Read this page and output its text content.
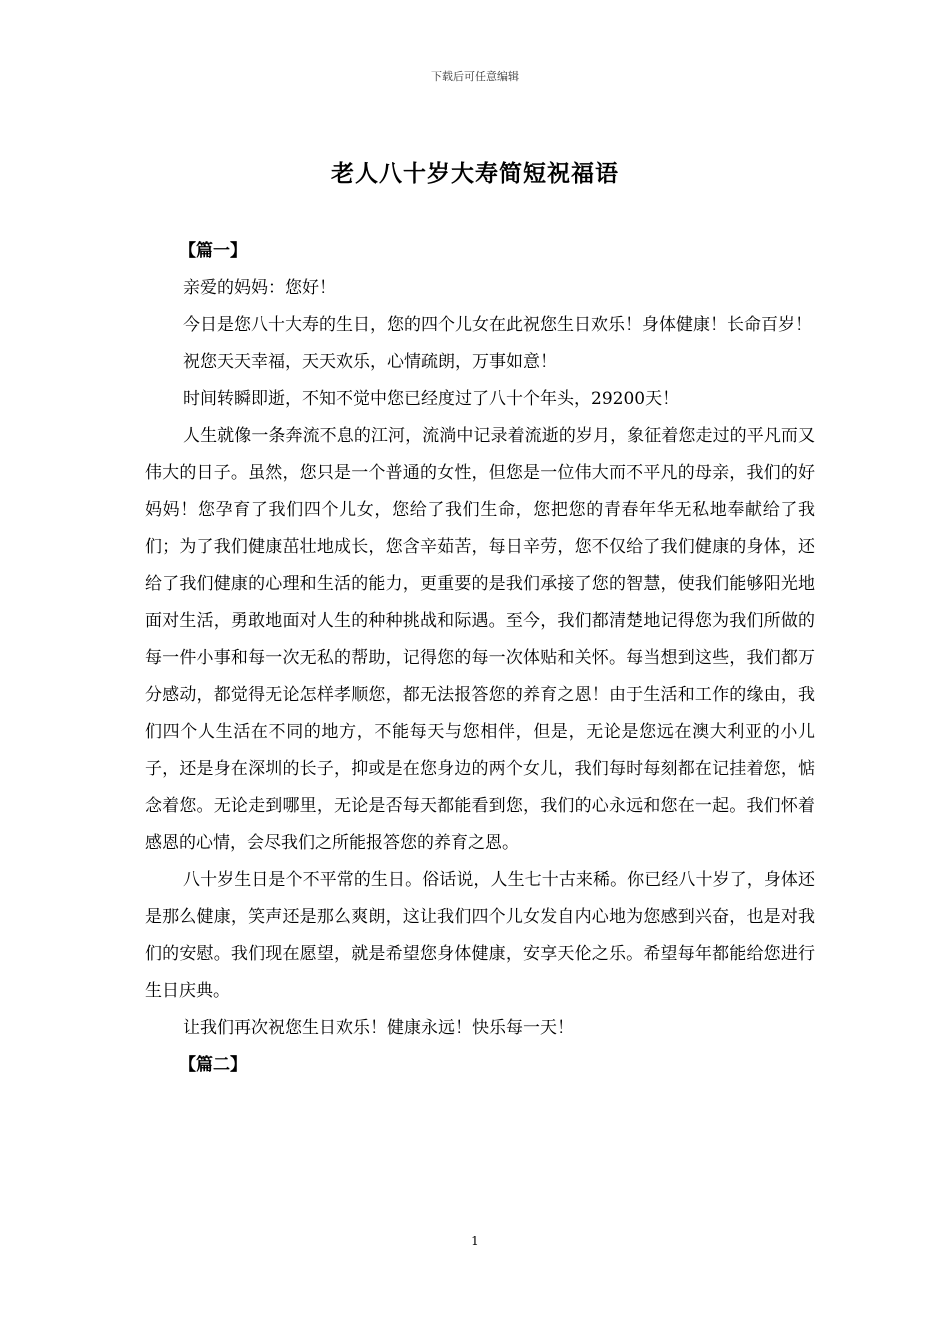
下载后可任意编辑
老人八十岁大寿简短祝福语

【篇一】

亲爱的妈妈：您好！

今日是您八十大寿的生日，您的四个儿女在此祝您生日欢乐！身体健康！长命百岁！

祝您天天幸福，天天欢乐，心情疏朗，万事如意！

时间转瞬即逝，不知不觉中您已经度过了八十个年头，29200天！

人生就像一条奔流不息的江河，流淌中记录着流逝的岁月，象征着您走过的平凡而又伟大的日子。虽然，您只是一个普通的女性，但您是一位伟大而不平凡的母亲，我们的好妈妈！您孕育了我们四个儿女，您给了我们生命，您把您的青春年华无私地奉献给了我们；为了我们健康茁壮地成长，您含辛茹苦，每日辛劳，您不仅给了我们健康的身体，还给了我们健康的心理和生活的能力，更重要的是我们承接了您的智慧，使我们能够阳光地面对生活，勇敢地面对人生的种种挑战和际遇。至今，我们都清楚地记得您为我们所做的每一件小事和每一次无私的帮助，记得您的每一次体贴和关怀。每当想到这些，我们都万分感动，都觉得无论怎样孝顺您，都无法报答您的养育之恩！由于生活和工作的缘由，我们四个人生活在不同的地方，不能每天与您相伴，但是，无论是您远在澳大利亚的小儿子，还是身在深圳的长子，抑或是在您身边的两个女儿，我们每时每刻都在记挂着您，惦念着您。无论走到哪里，无论是否每天都能看到您，我们的心永远和您在一起。我们怀着感恩的心情，会尽我们之所能报答您的养育之恩。

八十岁生日是个不平常的生日。俗话说，人生七十古来稀。你已经八十岁了，身体还是那么健康，笑声还是那么爽朗，这让我们四个儿女发自内心地为您感到兴奋，也是对我们的安慰。我们现在愿望，就是希望您身体健康，安享天伦之乐。希望每年都能给您进行生日庆典。

让我们再次祝您生日欢乐！健康永远！快乐每一天！

【篇二】

1
